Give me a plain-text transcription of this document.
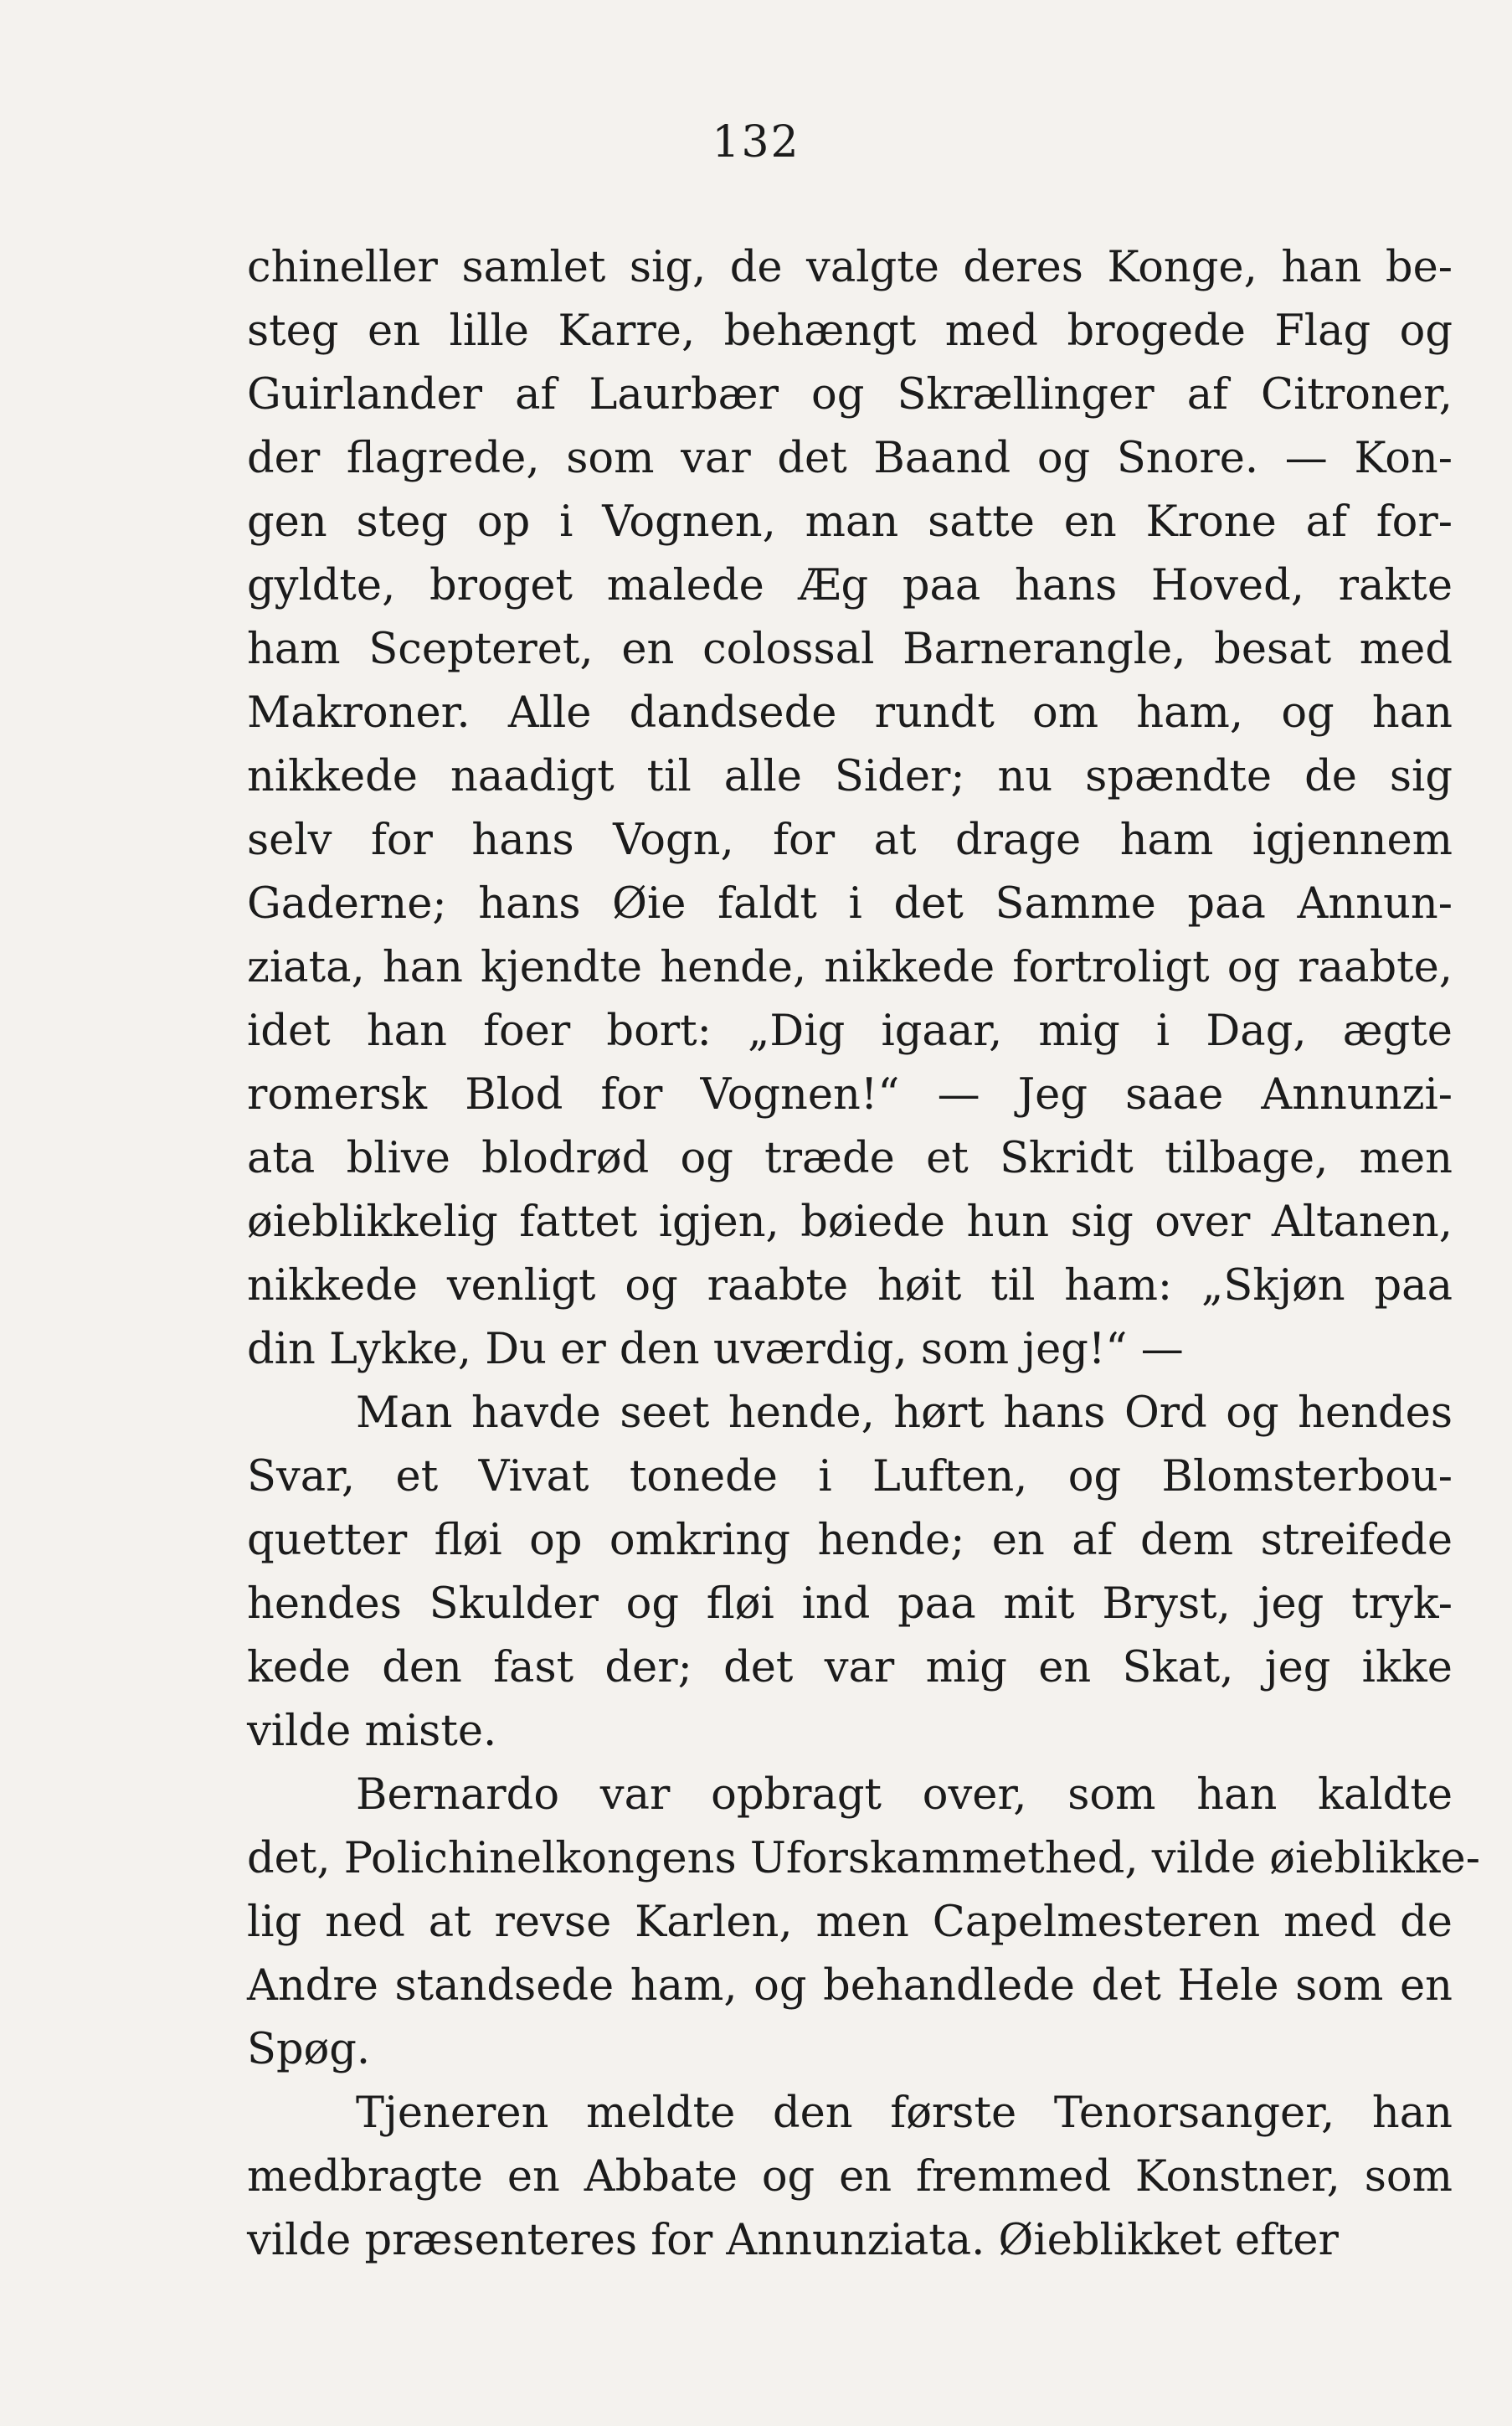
132
chineller samlet sig, de valgte deres Konge, han be-
steg en lille Karre, behængt med brogede Flag og
Guirlander af Laurbær og Skrællinger af Citroner,
der flagrede, som var det Baand og Snore. — Kon-
gen steg op i Vognen, man satte en Krone af for-
gyldte, broget malede Æg paa hans Hoved, rakte
ham Scepteret, en colossal Barnerangle, besat med
Makroner. Alle dandsede rundt om ham, og han
nikkede naadigt til alle Sider; nu spændte de sig
selv for hans Vogn, for at drage ham igjennem
Gaderne; hans Øie faldt i det Samme paa Annun-
ziata, han kjendte hende, nikkede fortroligt og raabte,
idet han foer bort: „Dig igaar, mig i Dag, ægte
romersk Blod for Vognen!“ — Jeg saae Annunzi-
ata blive blodrød og træde et Skridt tilbage, men
øieblikkelig fattet igjen, bøiede hun sig over Altanen,
nikkede venligt og raabte høit til ham: „Skjøn paa
din Lykke, Du er den uværdig, som jeg!“ —
Man havde seet hende, hørt hans Ord og hendes
Svar, et Vivat tonede i Luften, og Blomsterbou-
quetter fløi op omkring hende; en af dem streifede
hendes Skulder og fløi ind paa mit Bryst, jeg tryk-
kede den fast der; det var mig en Skat, jeg ikke
vilde miste.
Bernardo var opbragt over, som han kaldte
det, Polichinelkongens Uforskammethed, vilde øieblikke-
lig ned at revse Karlen, men Capelmesteren med de
Andre standsede ham, og behandlede det Hele som en
Spøg.
Tjeneren meldte den første Tenorsanger, han
medbragte en Abbate og en fremmed Konstner, som
vilde præsenteres for Annunziata. Øieblikket efter
